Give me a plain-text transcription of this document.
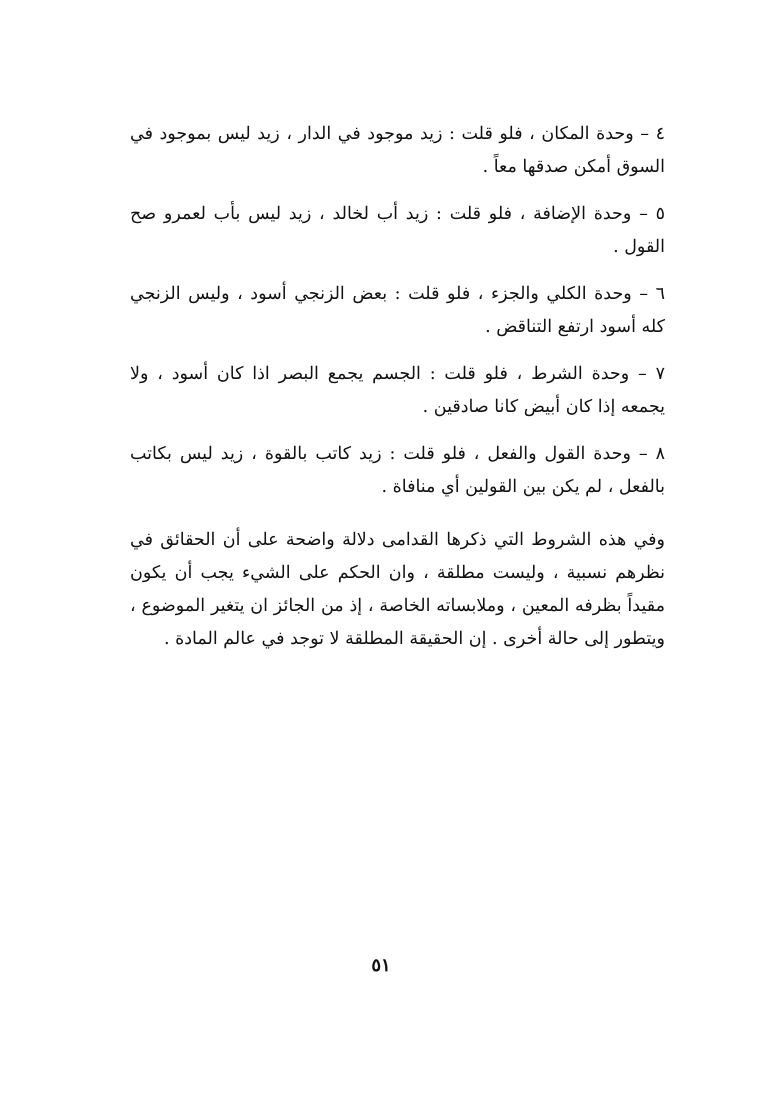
٤ – وحدة المكان ، فلو قلت : زيد موجود في الدار ، زيد ليس بموجود في السوق أمكن صدقها معاً .

٥ – وحدة الإضافة ، فلو قلت : زيد أب لخالد ، زيد ليس بأب لعمرو صح القول .

٦ – وحدة الكلي والجزء ، فلو قلت : بعض الزنجي أسود ، وليس الزنجي كله أسود ارتفع التناقض .

٧ – وحدة الشرط ، فلو قلت : الجسم يجمع البصر اذا كان أسود ، ولا يجمعه إذا كان أبيض كانا صادقين .

٨ – وحدة القول والفعل ، فلو قلت : زيد كاتب بالقوة ، زيد ليس بكاتب بالفعل ، لم يكن بين القولين أي منافاة .

وفي هذه الشروط التي ذكرها القدامى دلالة واضحة على أن الحقائق في نظرهم نسبية ، وليست مطلقة ، وان الحكم على الشيء يجب أن يكون مقيداً بظرفه المعين ، وملابساته الخاصة ، إذ من الجائز ان يتغير الموضوع ، ويتطور إلى حالة أخرى . إن الحقيقة المطلقة لا توجد في عالم المادة .

٥١
